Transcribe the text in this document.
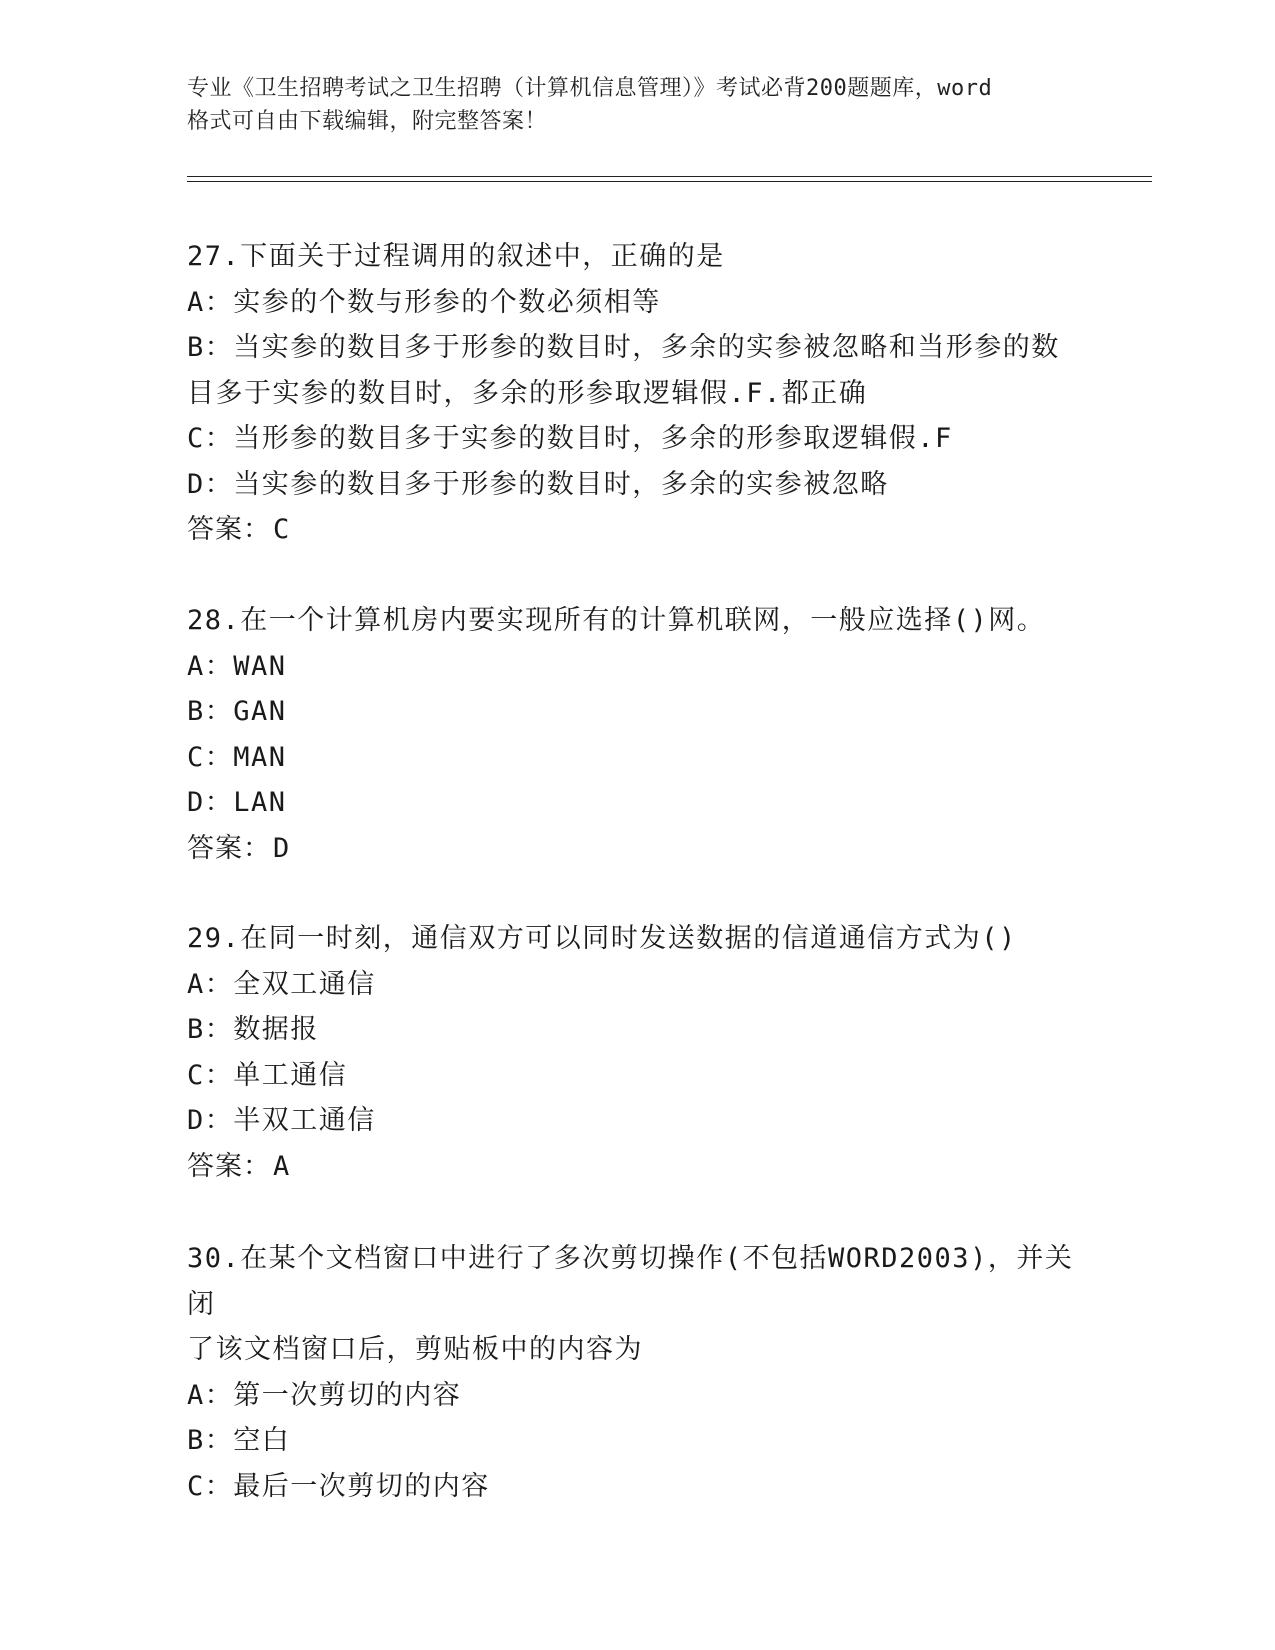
专业《卫生招聘考试之卫生招聘（计算机信息管理）》考试必背200题题库，word
格式可自由下载编辑，附完整答案！
27.下面关于过程调用的叙述中，正确的是
A：实参的个数与形参的个数必须相等
B：当实参的数目多于形参的数目时，多余的实参被忽略和当形参的数
目多于实参的数目时，多余的形参取逻辑假.F.都正确
C：当形参的数目多于实参的数目时，多余的形参取逻辑假.F
D：当实参的数目多于形参的数目时，多余的实参被忽略
答案：C
28.在一个计算机房内要实现所有的计算机联网，一般应选择()网。
A：WAN
B：GAN
C：MAN
D：LAN
答案：D
29.在同一时刻，通信双方可以同时发送数据的信道通信方式为()
A：全双工通信
B：数据报
C：单工通信
D：半双工通信
答案：A
30.在某个文档窗口中进行了多次剪切操作(不包括WORD2003)，并关闭
了该文档窗口后，剪贴板中的内容为
A：第一次剪切的内容
B：空白
C：最后一次剪切的内容
